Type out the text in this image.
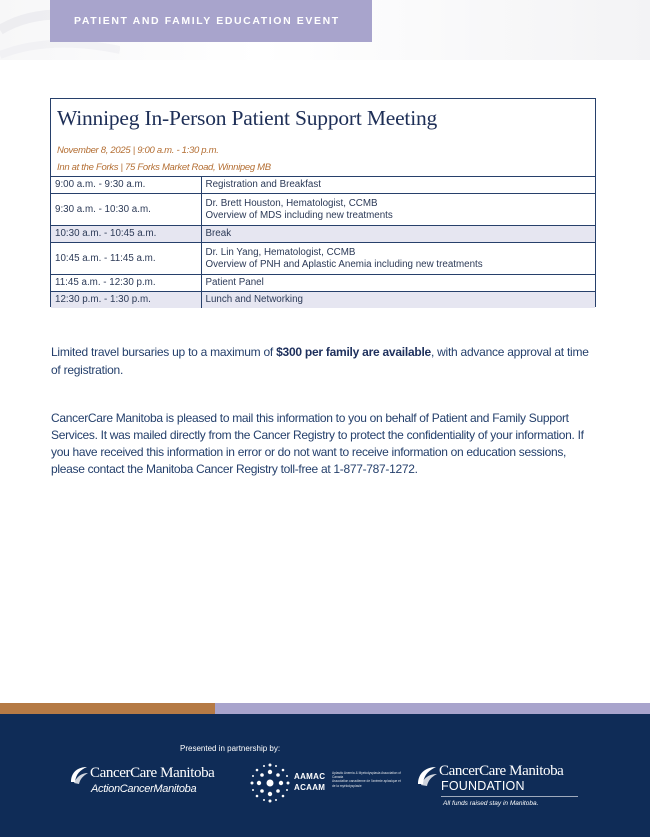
PATIENT AND FAMILY EDUCATION EVENT
Winnipeg In-Person Patient Support Meeting
November 8, 2025 | 9:00 a.m. - 1:30 p.m.
Inn at the Forks | 75 Forks Market Road, Winnipeg MB
9:00 a.m. - 9:30 a.m.	Registration and Breakfast

9:30 a.m. - 10:30 a.m.	Dr. Brett Houston, Hematologist, CCMB
Overview of MDS including new treatments

10:30 a.m. - 10:45 a.m.	Break

10:45 a.m. - 11:45 a.m.	Dr. Lin Yang, Hematologist, CCMB
Overview of PNH and Aplastic Anemia including new treatments

11:45 a.m. - 12:30 p.m.	Patient Panel

12:30 p.m. - 1:30 p.m.	Lunch and Networking

Limited travel bursaries up to a maximum of $300 per family are available, with advance approval at time of registration.

CancerCare Manitoba is pleased to mail this information to you on behalf of Patient and Family Support Services. It was mailed directly from the Cancer Registry to protect the confidentiality of your information. If you have received this information in error or do not want to receive information on education sessions, please contact the Manitoba Cancer Registry toll-free at 1-877-787-1272.

Presented in partnership by:
CancerCare Manitoba
ActionCancerManitoba
AAMAC
ACAAM
Aplastic Anemia & Myelodysplasia Association of Canada
Association canadienne de l'anémie aplasique et de la myélodysplasie
CancerCare Manitoba
FOUNDATION
All funds raised stay in Manitoba.
